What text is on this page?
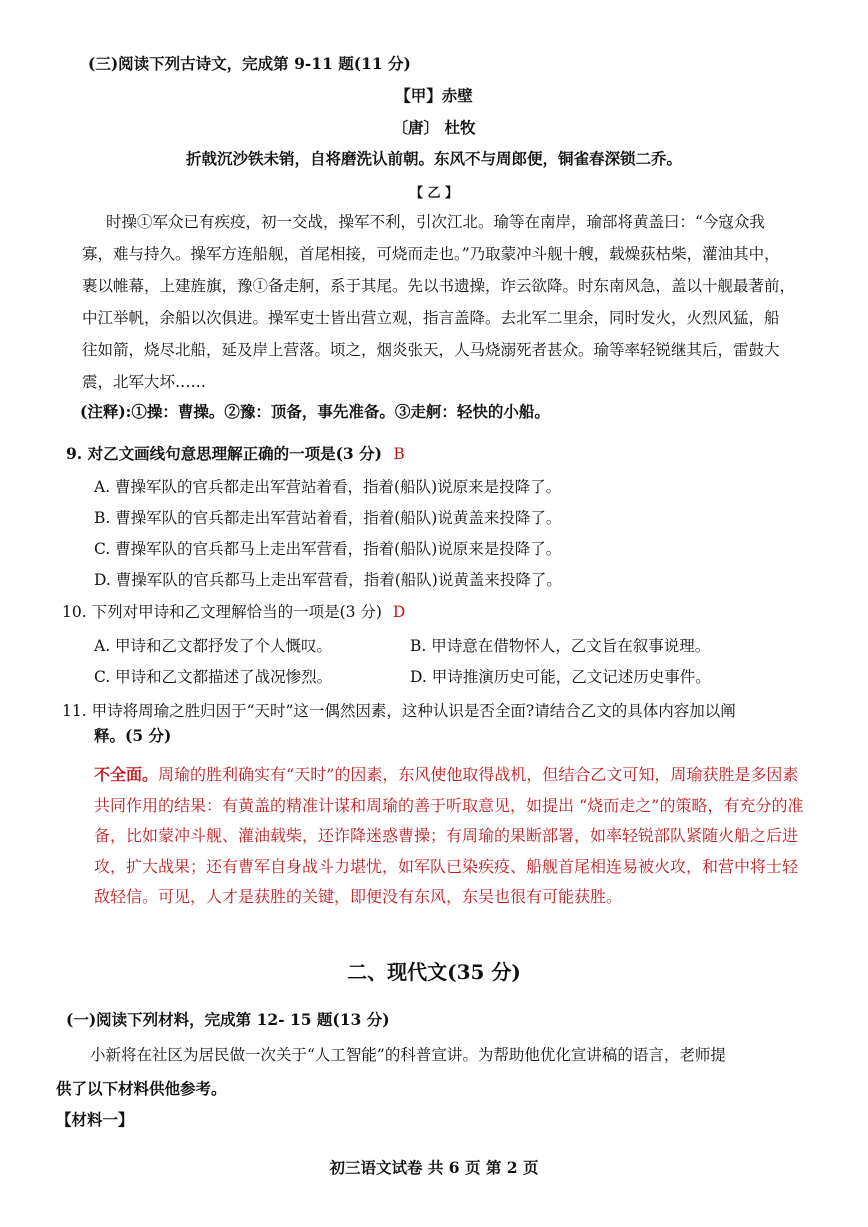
(三)阅读下列古诗文，完成第 9-11 题(11 分)
【甲】赤壁
〔唐〕 杜牧
折戟沉沙铁未销，自将磨洗认前朝。东风不与周郎便，铜雀春深锁二乔。
【 乙 】
时操①军众已有疾疫，初一交战，操军不利，引次江北。瑜等在南岸，瑜部将黄盖曰：“今寇众我
寡，难与持久。操军方连船舰，首尾相接，可烧而走也。”乃取蒙冲斗舰十艘，载燥荻枯柴，灌油其中，
裹以帷幕，上建旌旗，豫①备走舸，系于其尾。先以书遗操，诈云欲降。时东南风急，盖以十舰最著前，
中江举帆，余船以次俱进。操军吏士皆出营立观，指言盖降。去北军二里余，同时发火，火烈风猛，船
往如箭，烧尽北船，延及岸上营落。顷之，烟炎张天，人马烧溺死者甚众。瑜等率轻锐继其后，雷鼓大
震，北军大坏……
(注释):①操：曹操。②豫：顶备，事先准备。③走舸：轻快的小船。
9. 对乙文画线句意思理解正确的一项是(3 分) B
A. 曹操军队的官兵都走出军营站着看，指着(船队)说原来是投降了。
B. 曹操军队的官兵都走出军营站着看，指着(船队)说黄盖来投降了。
C. 曹操军队的官兵都马上走出军营看，指着(船队)说原来是投降了。
D. 曹操军队的官兵都马上走出军营看，指着(船队)说黄盖来投降了。
10. 下列对甲诗和乙文理解恰当的一项是(3 分) D
A. 甲诗和乙文都抒发了个人慨叹。	B. 甲诗意在借物怀人，乙文旨在叙事说理。
C. 甲诗和乙文都描述了战况惨烈。	D. 甲诗推演历史可能，乙文记述历史事件。
11. 甲诗将周瑜之胜归因于“天时”这一偶然因素，这种认识是否全面?请结合乙文的具体内容加以阐
释。(5 分)
不全面。周瑜的胜利确实有“天时”的因素，东风使他取得战机，但结合乙文可知，周瑜获胜是多因素共同作用的结果：有黄盖的精准计谋和周瑜的善于听取意见，如提出 “烧而走之”的策略，有充分的准备，比如蒙冲斗舰、灌油载柴，还诈降迷惑曹操；有周瑜的果断部署，如率轻锐部队紧随火船之后进攻，扩大战果；还有曹军自身战斗力堪忧，如军队已染疾疫、船舰首尾相连易被火攻，和营中将士轻敌轻信。可见，人才是获胜的关键，即便没有东风，东吴也很有可能获胜。
二、现代文(35 分)
(一)阅读下列材料，完成第 12- 15 题(13 分)
小新将在社区为居民做一次关于“人工智能”的科普宣讲。为帮助他优化宣讲稿的语言，老师提
供了以下材料供他参考。
【材料一】
初三语文试卷 共 6 页 第 2 页
